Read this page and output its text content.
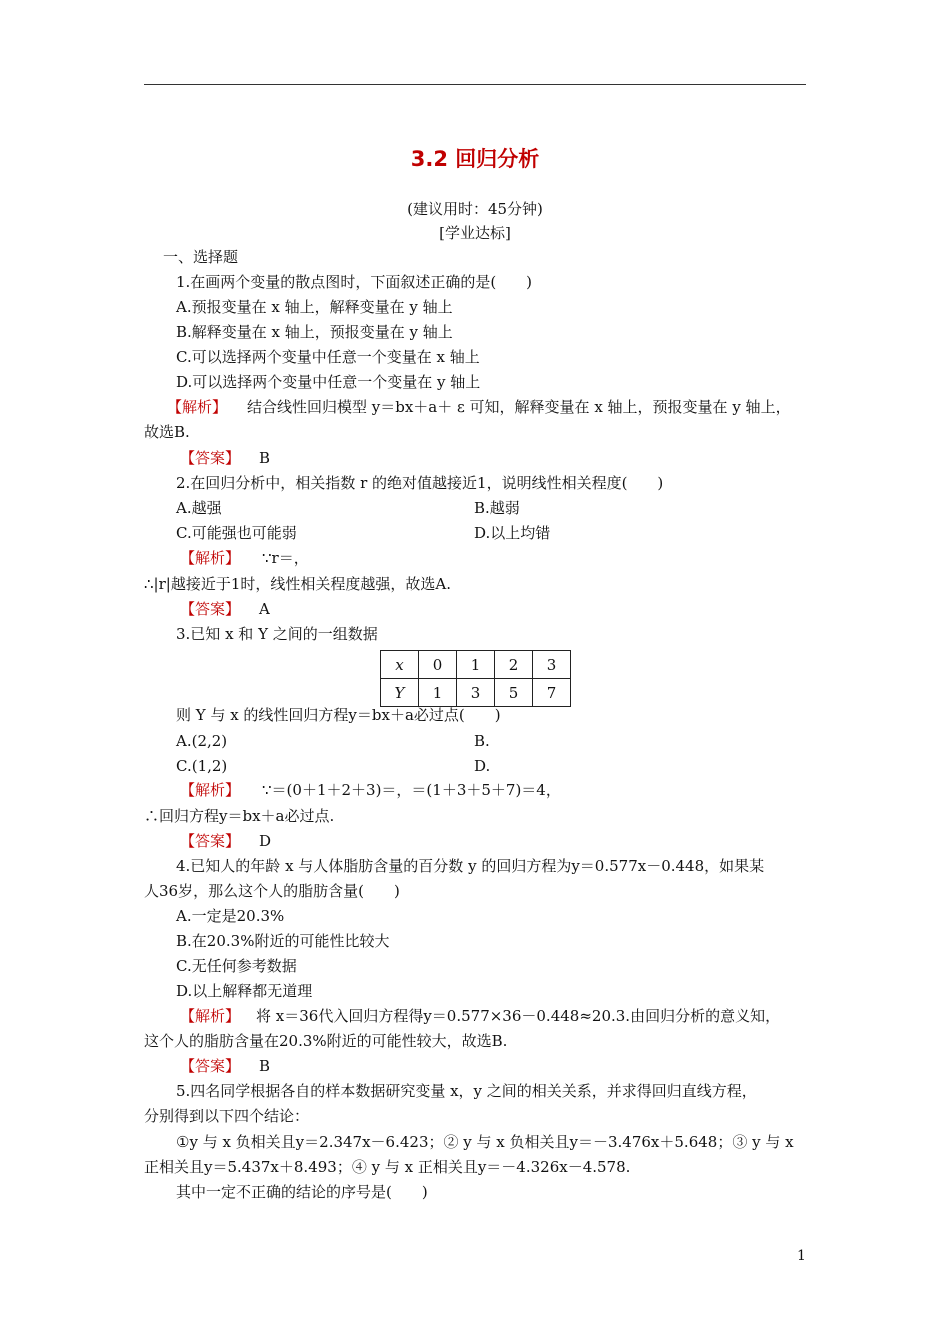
3.2 回归分析
(建议用时：45分钟)
[学业达标]
一、选择题
1.在画两个变量的散点图时，下面叙述正确的是(　　)
A.预报变量在 x 轴上，解释变量在 y 轴上
B.解释变量在 x 轴上，预报变量在 y 轴上
C.可以选择两个变量中任意一个变量在 x 轴上
D.可以选择两个变量中任意一个变量在 y 轴上
【解析】 结合线性回归模型 y＝bx＋a＋ ε 可知，解释变量在 x 轴上，预报变量在 y 轴上，
故选B.
【答案】 B
2.在回归分析中，相关指数 r 的绝对值越接近1，说明线性相关程度(　　)
A.越强	B.越弱
C.可能强也可能弱	D.以上均错
【解析】 ∵r＝，
∴|r|越接近于1时，线性相关程度越强，故选A.
【答案】 A
3.已知 x 和 Y 之间的一组数据
x	0	1	2	3
Y	1	3	5	7
则 Y 与 x 的线性回归方程y＝bx＋a必过点(　　)
A.(2,2)	B.
C.(1,2)	D.
【解析】 ∵＝(0＋1＋2＋3)＝，＝(1＋3＋5＋7)＝4，
∴回归方程y＝bx＋a必过点.
【答案】 D
4.已知人的年龄 x 与人体脂肪含量的百分数 y 的回归方程为y＝0.577x－0.448，如果某
人36岁，那么这个人的脂肪含量(　　)
A.一定是20.3%
B.在20.3%附近的可能性比较大
C.无任何参考数据
D.以上解释都无道理
【解析】 将 x＝36代入回归方程得y＝0.577×36－0.448≈20.3.由回归分析的意义知，
这个人的脂肪含量在20.3%附近的可能性较大，故选B.
【答案】 B
5.四名同学根据各自的样本数据研究变量 x，y 之间的相关关系，并求得回归直线方程，
分别得到以下四个结论：
①y 与 x 负相关且y＝2.347x－6.423；② y 与 x 负相关且y＝－3.476x＋5.648；③ y 与 x
正相关且y＝5.437x＋8.493；④ y 与 x 正相关且y＝－4.326x－4.578.
其中一定不正确的结论的序号是(　　)
1
